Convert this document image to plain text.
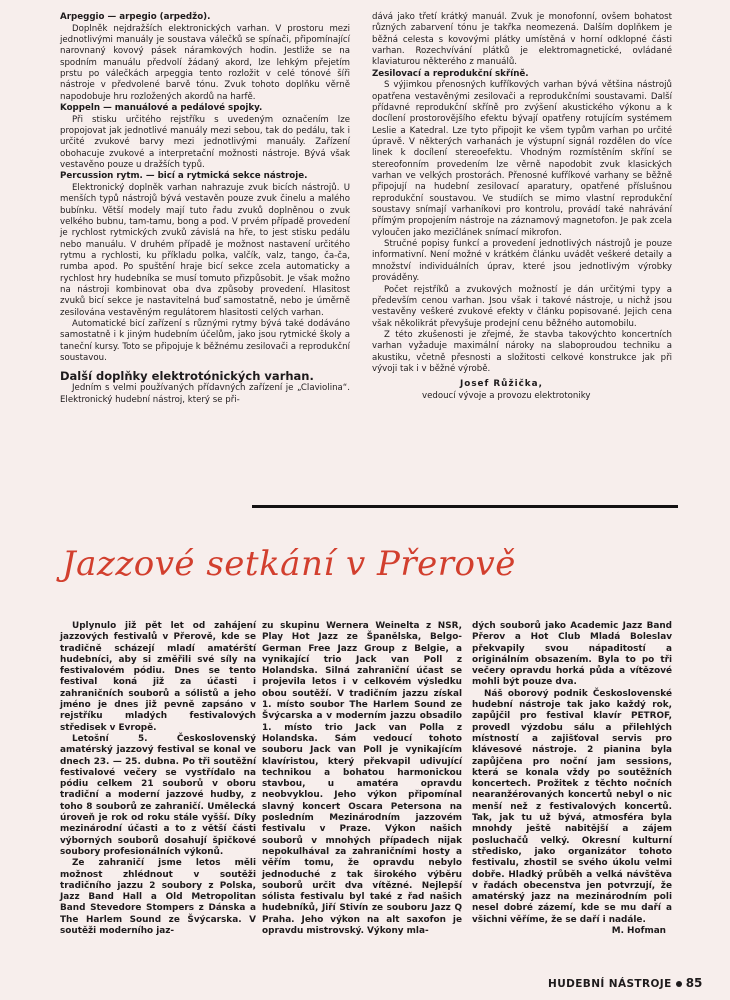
Arpeggio — arpegio (arpedžo).

Doplněk nejdražších elektronických varhan. V prostoru mezi jednotlivými manuály je soustava válečků se spínači, připomínající narovnaný kovový pásek náramkových hodin. Jestliže se na spodním manuálu předvolí žádaný akord, lze lehkým přejetím prstu po válečkách arpeggia tento rozložit v celé tónové šíři nástroje v předvolené barvě tónu. Zvuk tohoto doplňku věrně napodobuje hru rozložených akordů na harfě.

Koppeln — manuálové a pedálové spojky.

Při stisku určitého rejstříku s uvedeným označením lze propojovat jak jednotlivé manuály mezi sebou, tak do pedálu, tak i určité zvukové barvy mezi jednotlivými manuály. Zařízení obohacuje zvukové a interpretační možnosti nástroje. Bývá však vestavěno pouze u dražších typů.

Percussion rytm. — bicí a rytmická sekce nástroje.

Elektronický doplněk varhan nahrazuje zvuk bicích nástrojů. U menších typů nástrojů bývá vestavěn pouze zvuk činelu a malého bubínku. Větší modely mají tuto řadu zvuků doplněnou o zvuk velkého bubnu, tam-tamu, bong a pod. V prvém případě provedení je rychlost rytmických zvuků závislá na hře, to jest stisku pedálu nebo manuálu. V druhém případě je možnost nastavení určitého rytmu a rychlosti, ku příkladu polka, valčík, valz, tango, ča-ča, rumba apod. Po spuštění hraje bicí sekce zcela automaticky a rychlost hry hudebníka se musí tomuto přizpůsobit. Je však možno na nástroji kombinovat oba dva způsoby provedení. Hlasitost zvuků bicí sekce je nastavitelná buď samostatně, nebo je úměrně zesilována vestavěným regulátorem hlasitosti celých varhan.

Automatické bicí zařízení s různými rytmy bývá také dodáváno samostatně i k jiným hudebním účelům, jako jsou rytmické školy a taneční kursy. Toto se připojuje k běžnému zesilovači a reprodukční soustavou.

Další doplňky elektrotónických varhan.

Jedním s velmi používaných přídavných zařízení je „Claviolina“. Elektronický hudební nástroj, který se při-

dává jako třetí krátký manuál. Zvuk je monofonní, ovšem bohatost různých zabarvení tónu je takřka neomezená. Dalším doplňkem je běžná celesta s kovovými plátky umístěná v horní odklopné části varhan. Rozechvívání plátků je elektromagnetické, ovládané klaviaturou některého z manuálů.

Zesilovací a reprodukční skříně.

S výjimkou přenosných kufříkových varhan bývá většina nástrojů opatřena vestavěnými zesilovači a reprodukčními soustavami. Další přídavné reprodukční skříně pro zvýšení akustického výkonu a k docílení prostorovějšího efektu bývají opatřeny rotujícím systémem Leslie a Katedral. Lze tyto připojit ke všem typům varhan po určité úpravě. V některých varhanách je výstupní signál rozdělen do více linek k docílení stereoefektu. Vhodným rozmístěním skříní se stereofonním provedením lze věrně napodobit zvuk klasických varhan ve velkých prostorách. Přenosné kufříkové varhany se běžně připojují na hudební zesilovací aparatury, opatřené příslušnou reprodukční soustavou. Ve studiích se mimo vlastní reprodukční soustavy snímají varhaníkovi pro kontrolu, provádí také nahrávání přímým propojením nástroje na záznamový magnetofon. Je pak zcela vyloučen jako mezičlánek snímací mikrofon.

Stručné popisy funkcí a provedení jednotlivých nástrojů je pouze informativní. Není možné v krátkém článku uvádět veškeré detaily a množství individuálních úprav, které jsou jednotlivým výrobky prováděny.

Počet rejstříků a zvukových možností je dán určitými typy a především cenou varhan. Jsou však i takové nástroje, u nichž jsou vestavěny veškeré zvukové efekty v článku popisované. Jejich cena však několikrát převyšuje prodejní cenu běžného automobilu.

Z této zkušenosti je zřejmé, že stavba takovýchto koncertních varhan vyžaduje maximální nároky na slaboproudou techniku a akustiku, včetně přesnosti a složitosti celkové konstrukce jak při vývoji tak i v běžné výrobě.

Josef Růžička,
vedoucí vývoje a provozu elektrotoniky
Jazzové setkání v Přerově

Uplynulo již pět let od zahájení jazzových festivalů v Přerově, kde se tradičně scházejí mladí amatérští hudebníci, aby si změřili své síly na festivalovém pódiu. Dnes se tento festival koná již za účasti i zahraničních souborů a sólistů a jeho jméno je dnes již pevně zapsáno v rejstříku mladých festivalových středisek v Evropě.

Letošní 5. Československý amatérský jazzový festival se konal ve dnech 23. — 25. dubna. Po tři soutěžní festivalové večery se vystřídalo na pódiu celkem 21 souborů v oboru tradiční a moderní jazzové hudby, z toho 8 souborů ze zahraničí. Umělecká úroveň je rok od roku stále vyšší. Díky mezinárodní účasti a to z větší části výborných souborů dosahují špičkové soubory profesionálních výkonů.

Ze zahraničí jsme letos měli možnost zhlédnout v soutěži tradičního jazzu 2 soubory z Polska, Jazz Band Hall a Old Metropolitan Band Stevedore Stompers z Dánska a The Harlem Sound ze Švýcarska. V soutěži moderního jaz-

zu skupinu Wernera Weinelta z NSR, Play Hot Jazz ze Španělska, Belgo-German Free Jazz Group z Belgie, a vynikající trio Jack van Poll z Holandska. Silná zahraniční účast se projevila letos i v celkovém výsledku obou soutěží. V tradičním jazzu získal 1. místo soubor The Harlem Sound ze Švýcarska a v moderním jazzu obsadilo 1. místo trio Jack van Polla z Holandska. Sám vedoucí tohoto souboru Jack van Poll je vynikajícím klavíristou, který překvapil udivující technikou a bohatou harmonickou stavbou, u amatéra opravdu neobvyklou. Jeho výkon připomínal slavný koncert Oscara Petersona na posledním Mezinárodním jazzovém festivalu v Praze. Výkon našich souborů v mnohých případech nijak nepokulhával za zahraničními hosty a věřím tomu, že opravdu nebylo jednoduché z tak širokého výběru souborů určit dva vítězné. Nejlepší sólista festivalu byl také z řad našich hudebníků, Jiří Stivín ze souboru Jazz Q Praha. Jeho výkon na alt saxofon je opravdu mistrovský. Výkony mla-

dých souborů jako Academic Jazz Band Přerov a Hot Club Mladá Boleslav překvapily svou nápaditostí a originálním obsazením. Byla to po tři večery opravdu horká půda a vítězové mohli být pouze dva.

Náš oborový podnik Československé hudební nástroje tak jako každý rok, zapůjčil pro festival klavír PETROF, provedl výzdobu sálu a přilehlých místností a zajišťoval servis pro klávesové nástroje. 2 pianina byla zapůjčena pro noční jam sessions, která se konala vždy po soutěžních koncertech. Prožitek z těchto nočních nearanžérovaných koncertů nebyl o nic menší než z festivalových koncertů. Tak, jak tu už bývá, atmosféra byla mnohdy ještě nabitější a zájem posluchačů velký. Okresní kulturní středisko, jako organizátor tohoto festivalu, zhostil se svého úkolu velmi dobře. Hladký průběh a velká návštěva v řadách obecenstva jen potvrzují, že amatérský jazz na mezinárodním poli nesel dobré zázemí, kde se mu daří a všichni věříme, že se daří i nadále.

M. Hofman
HUDEBNÍ NÁSTROJE 85
